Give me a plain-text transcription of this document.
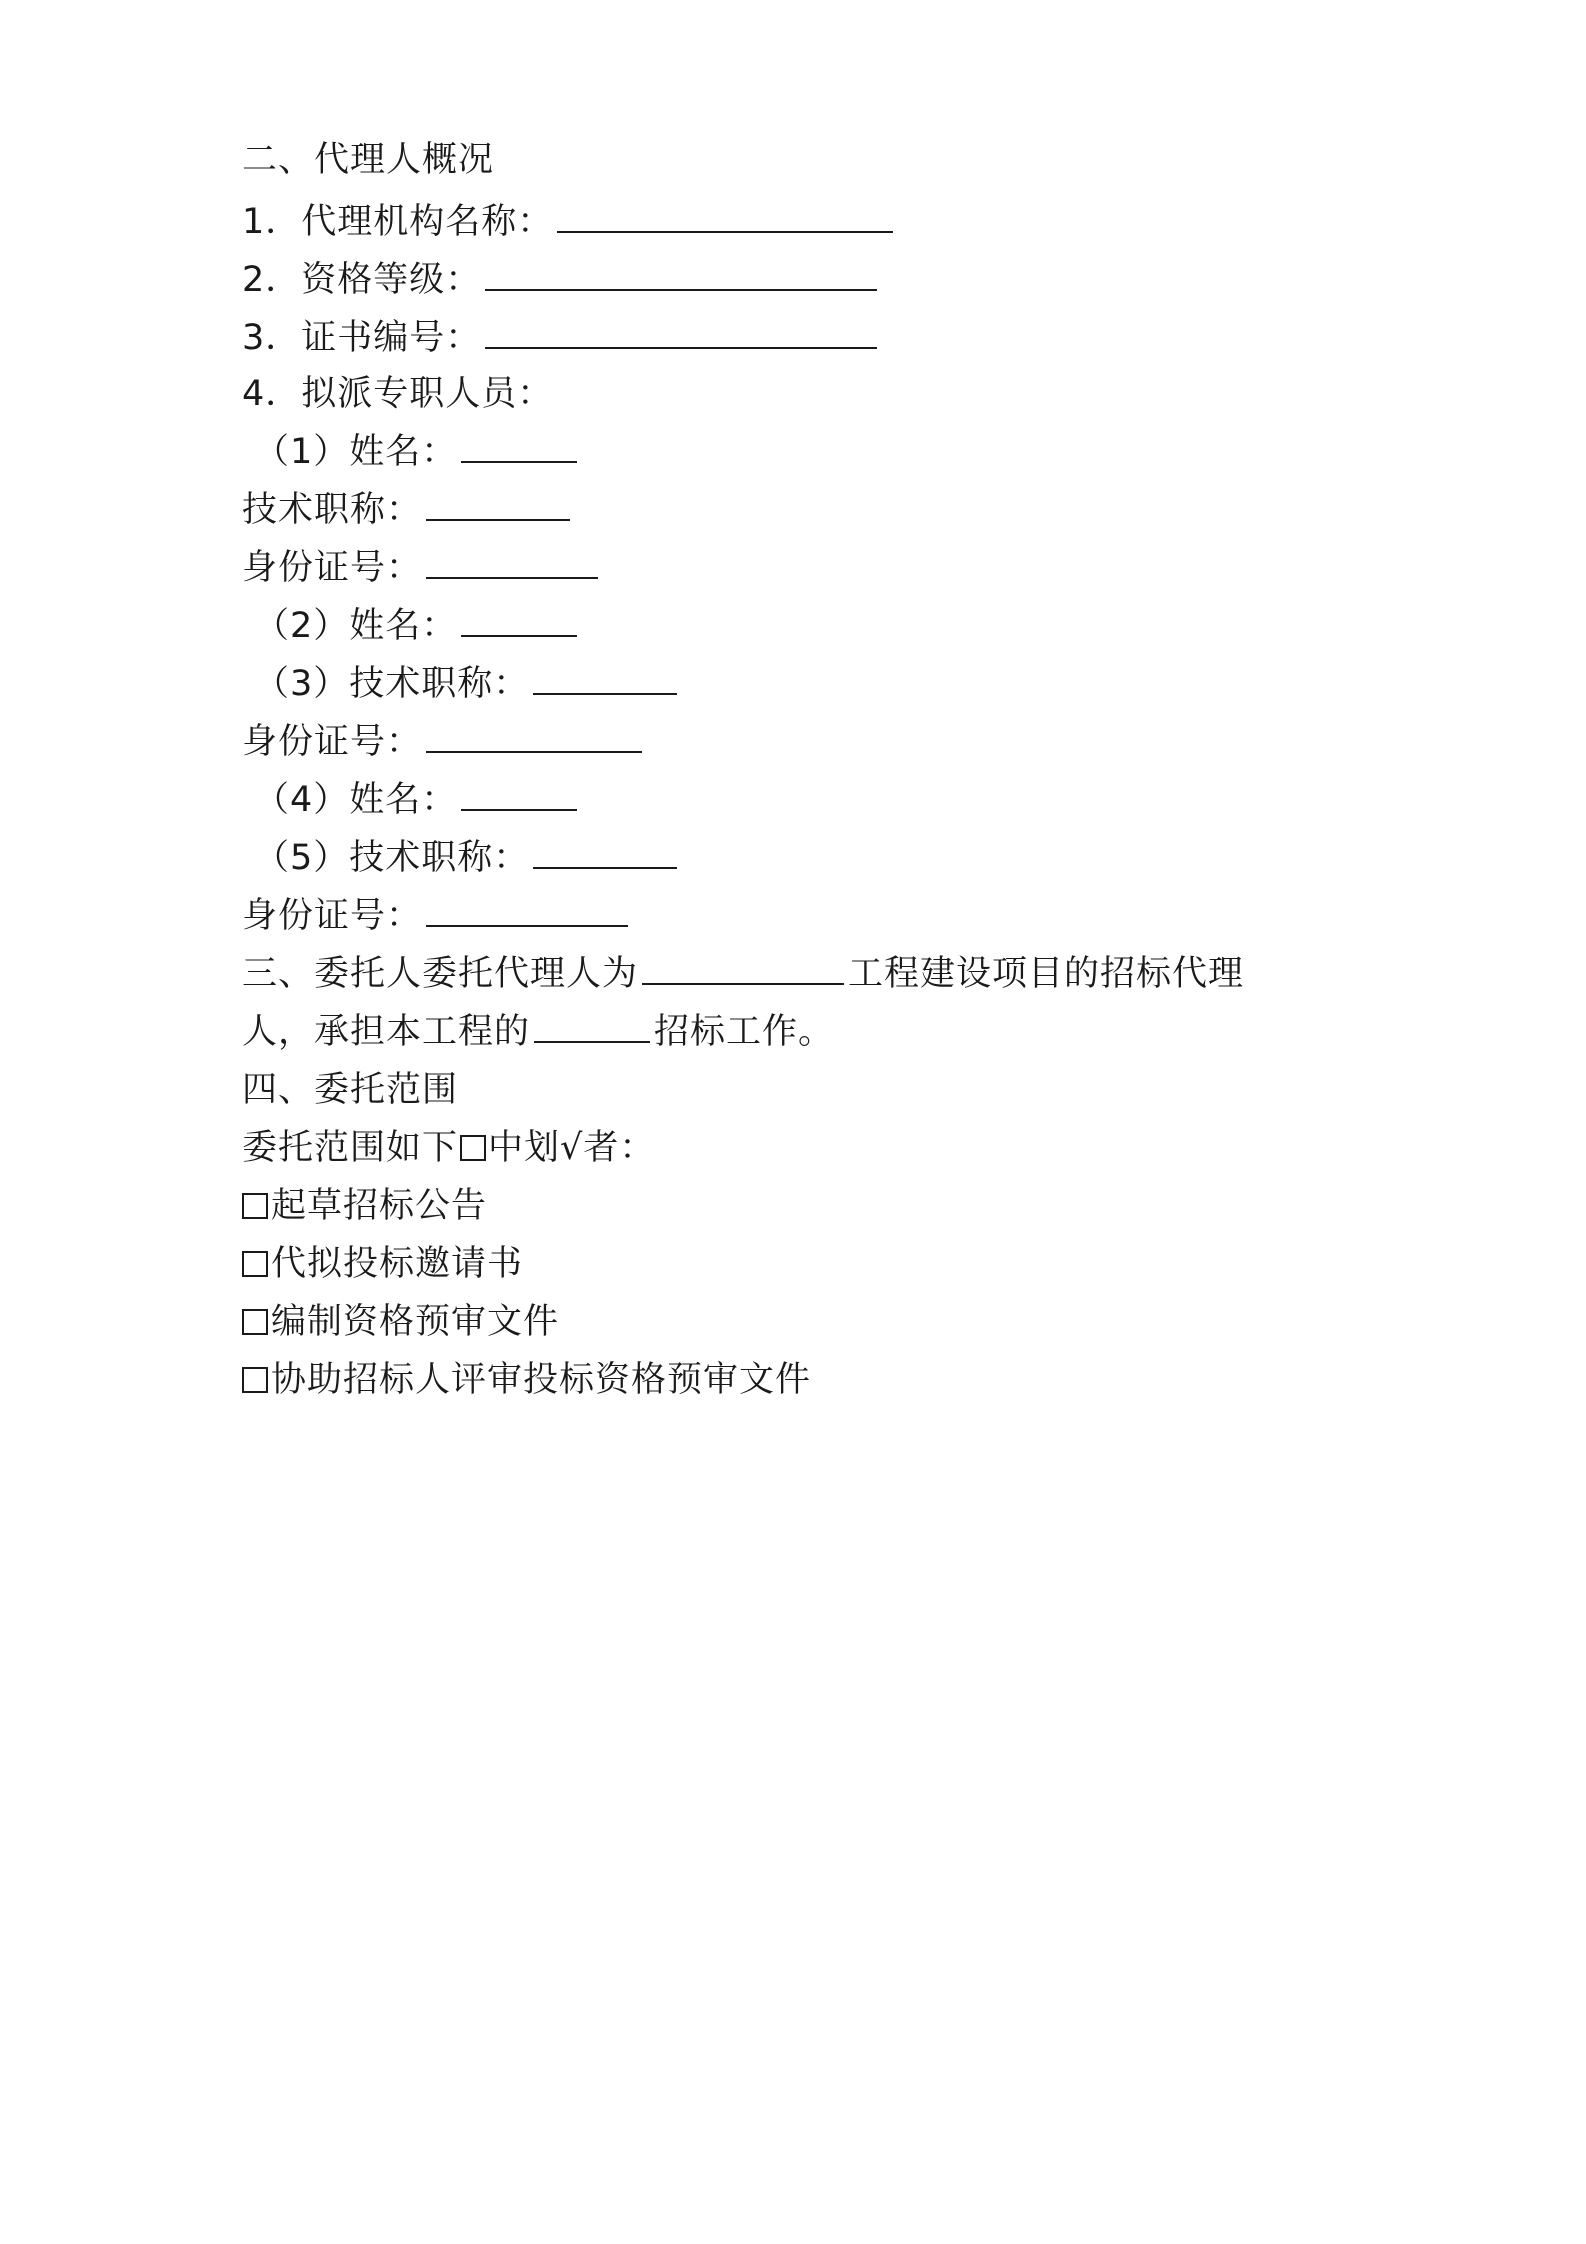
二、代理人概况
1．代理机构名称：
2．资格等级：
3．证书编号：
4．拟派专职人员：
（1）姓名：
技术职称：
身份证号：
（2）姓名：
（3）技术职称：
身份证号：
（4）姓名：
（5）技术职称：
身份证号：
三、委托人委托代理人为	工程建设项目的招标代理
人，承担本工程的	招标工作。
四、委托范围
委托范围如下 中划√者：
起草招标公告
代拟投标邀请书
编制资格预审文件
协助招标人评审投标资格预审文件
